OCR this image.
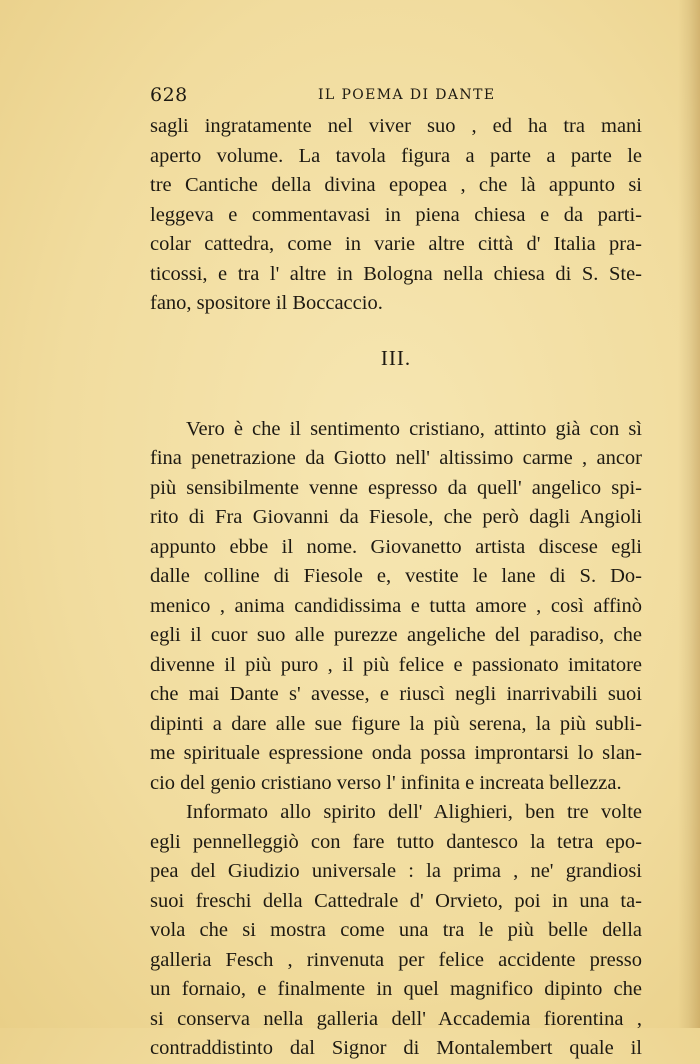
628	IL POEMA DI DANTE
sagli ingratamente nel viver suo , ed ha tra mani
aperto volume. La tavola figura a parte a parte le
tre Cantiche della divina epopea , che là appunto si
leggeva e commentavasi in piena chiesa e da parti-
colar cattedra, come in varie altre città d' Italia pra-
ticossi, e tra l' altre in Bologna nella chiesa di S. Ste-
fano, spositore il Boccaccio.
III.
Vero è che il sentimento cristiano, attinto già con sì
fina penetrazione da Giotto nell' altissimo carme , ancor
più sensibilmente venne espresso da quell' angelico spi-
rito di Fra Giovanni da Fiesole, che però dagli Angioli
appunto ebbe il nome. Giovanetto artista discese egli
dalle colline di Fiesole e, vestite le lane di S. Do-
menico , anima candidissima e tutta amore , così affinò
egli il cuor suo alle purezze angeliche del paradiso, che
divenne il più puro , il più felice e passionato imitatore
che mai Dante s' avesse, e riuscì negli inarrivabili suoi
dipinti a dare alle sue figure la più serena, la più subli-
me spirituale espressione onda possa improntarsi lo slan-
cio del genio cristiano verso l' infinita e increata bellezza.
Informato allo spirito dell' Alighieri, ben tre volte
egli pennelleggiò con fare tutto dantesco la tetra epo-
pea del Giudizio universale : la prima , ne' grandiosi
suoi freschi della Cattedrale d' Orvieto, poi in una ta-
vola che si mostra come una tra le più belle della
galleria Fesch , rinvenuta per felice accidente presso
un fornaio, e finalmente in quel magnifico dipinto che
si conserva nella galleria dell' Accademia fiorentina ,
contraddistinto dal Signor di Montalembert quale il
